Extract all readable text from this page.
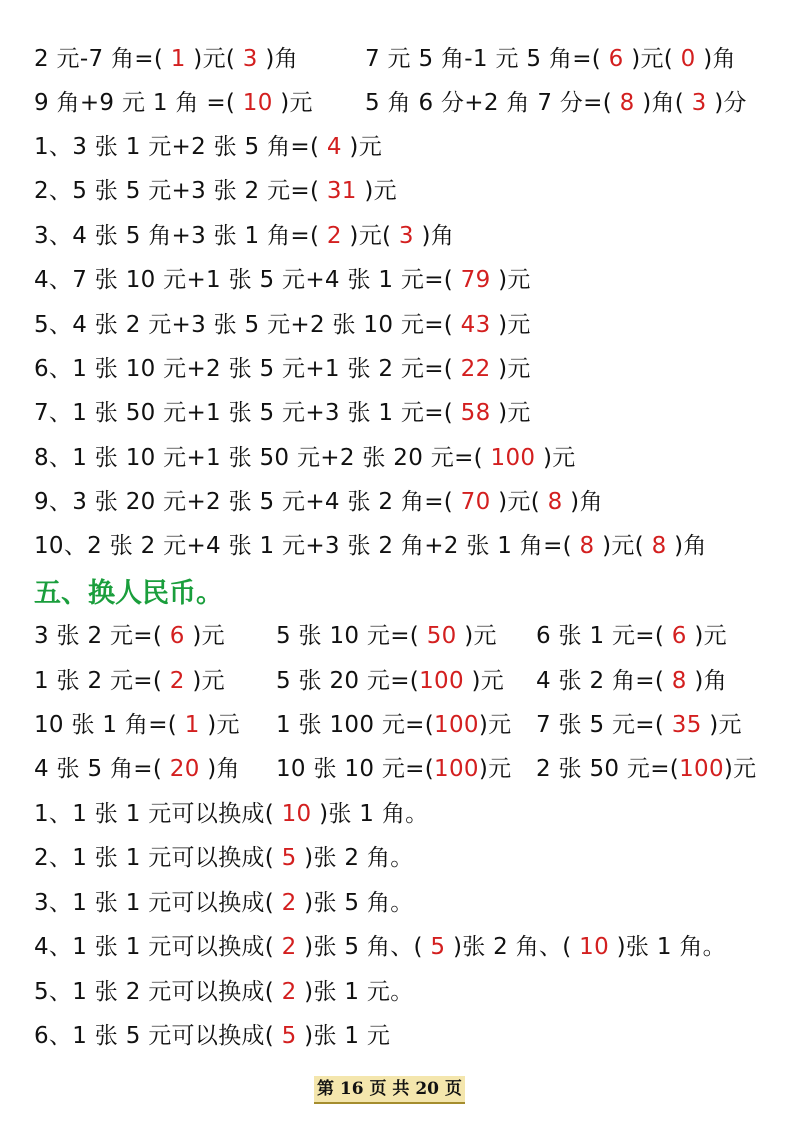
2 元-7 角=( 1 )元( 3 )角	7 元 5 角-1 元 5 角=( 6 )元( 0 )角
9 角+9 元 1 角 =( 10 )元 5 角 6 分+2 角 7 分=( 8 )角( 3 )分
1、3 张 1 元+2 张 5 角=( 4 )元
2、5 张 5 元+3 张 2 元=( 31 )元
3、4 张 5 角+3 张 1 角=( 2 )元( 3 )角
4、7 张 10 元+1 张 5 元+4 张 1 元=( 79 )元
5、4 张 2 元+3 张 5 元+2 张 10 元=( 43 )元
6、1 张 10 元+2 张 5 元+1 张 2 元=( 22 )元
7、1 张 50 元+1 张 5 元+3 张 1 元=( 58 )元
8、1 张 10 元+1 张 50 元+2 张 20 元=( 100 )元
9、3 张 20 元+2 张 5 元+4 张 2 角=( 70 )元( 8 )角
10、2 张 2 元+4 张 1 元+3 张 2 角+2 张 1 角=( 8 )元( 8 )角
3 张 2 元=( 6 )元 5 张 10 元=( 50 )元 6 张 1 元=( 6 )元
1 张 2 元=( 2 )元 5 张 20 元=(100 )元 4 张 2 角=( 8 )角
10 张 1 角=( 1 )元 1 张 100 元=(100)元 7 张 5 元=( 35 )元
4 张 5 角=( 20 )角 10 张 10 元=(100)元 2 张 50 元=(100)元
1、1 张 1 元可以换成( 10 )张 1 角。
2、1 张 1 元可以换成( 5 )张 2 角。
3、1 张 1 元可以换成( 2 )张 5 角。
4、1 张 1 元可以换成( 2 )张 5 角、( 5 )张 2 角、( 10 )张 1 角。
5、1 张 2 元可以换成( 2 )张 1 元。
6、1 张 5 元可以换成( 5 )张 1 元
五、换人民币。
第 16 页 共 20 页
